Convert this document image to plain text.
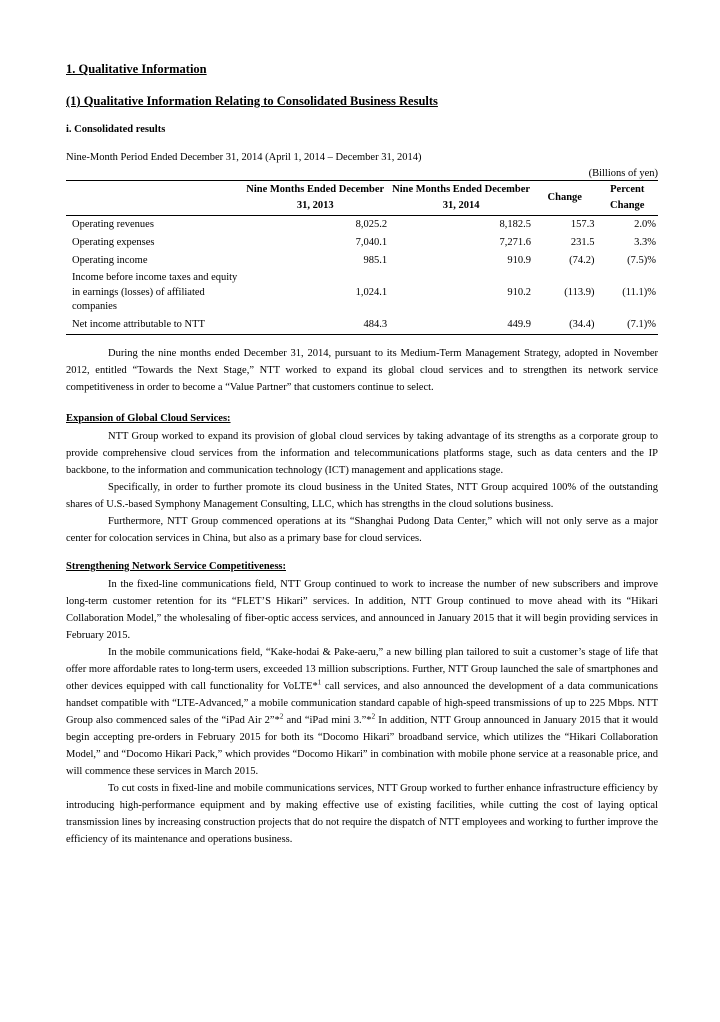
1. Qualitative Information
(1) Qualitative Information Relating to Consolidated Business Results
i. Consolidated results
Nine-Month Period Ended December 31, 2014 (April 1, 2014 – December 31, 2014)
(Billions of yen)
	Nine Months Ended December 31, 2013	Nine Months Ended December 31, 2014	Change	Percent Change
Operating revenues	8,025.2	8,182.5	157.3	2.0%
Operating expenses	7,040.1	7,271.6	231.5	3.3%
Operating income	985.1	910.9	(74.2)	(7.5)%
Income before income taxes and equity in earnings (losses) of affiliated companies	1,024.1	910.2	(113.9)	(11.1)%
Net income attributable to NTT	484.3	449.9	(34.4)	(7.1)%

During the nine months ended December 31, 2014, pursuant to its Medium-Term Management Strategy, adopted in November 2012, entitled “Towards the Next Stage,” NTT worked to expand its global cloud services and to strengthen its network service competitiveness in order to become a “Value Partner” that customers continue to select.

Expansion of Global Cloud Services:

NTT Group worked to expand its provision of global cloud services by taking advantage of its strengths as a corporate group to provide comprehensive cloud services from the information and telecommunications platforms stage, such as data centers and the IP backbone, to the information and communication technology (ICT) management and applications stage.

Specifically, in order to further promote its cloud business in the United States, NTT Group acquired 100% of the outstanding shares of U.S.-based Symphony Management Consulting, LLC, which has strengths in the cloud solutions business.

Furthermore, NTT Group commenced operations at its “Shanghai Pudong Data Center,” which will not only serve as a major center for colocation services in China, but also as a primary base for cloud services.

Strengthening Network Service Competitiveness:

In the fixed-line communications field, NTT Group continued to work to increase the number of new subscribers and improve long-term customer retention for its “FLET’S Hikari” services. In addition, NTT Group continued to move ahead with its “Hikari Collaboration Model,” the wholesaling of fiber-optic access services, and announced in January 2015 that it will begin providing services in February 2015.

In the mobile communications field, “Kake-hodai & Pake-aeru,” a new billing plan tailored to suit a customer’s stage of life that offer more affordable rates to long-term users, exceeded 13 million subscriptions. Further, NTT Group launched the sale of smartphones and other devices equipped with call functionality for VoLTE*$^1$ call services, and also announced the development of a data communications handset compatible with “LTE-Advanced,” a mobile communication standard capable of high-speed transmissions of up to 225 Mbps. NTT Group also commenced sales of the “iPad Air 2”*$^2$ and “iPad mini 3.”*$^2$ In addition, NTT Group announced in January 2015 that it would begin accepting pre-orders in February 2015 for both its “Docomo Hikari” broadband service, which utilizes the “Hikari Collaboration Model,” and “Docomo Hikari Pack,” which provides “Docomo Hikari” in combination with mobile phone service at a reasonable price, and will commence these services in March 2015.

To cut costs in fixed-line and mobile communications services, NTT Group worked to further enhance infrastructure efficiency by introducing high-performance equipment and by making effective use of existing facilities, while cutting the cost of laying optical transmission lines by increasing construction projects that do not require the dispatch of NTT employees and working to further improve the efficiency of its maintenance and operations business.
